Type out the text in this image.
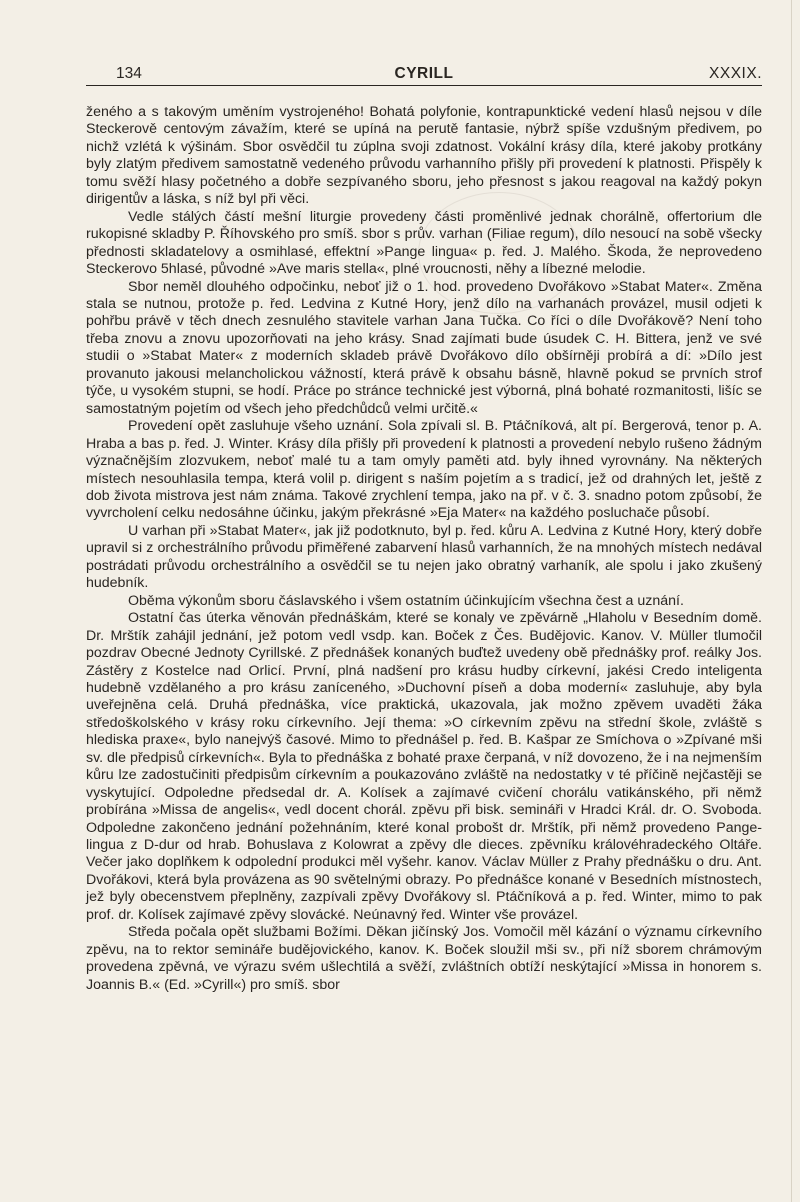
134	CYRILL	XXXIX.

ženého a s takovým uměním vystrojeného! Bohatá polyfonie, kontrapunktické vedení hlasů nejsou v díle Steckerově centovým závažím, které se upíná na perutě fantasie, nýbrž spíše vzdušným předivem, po nichž vzlétá k výšinám. Sbor osvědčil tu zúplna svoji zdatnost. Vokální krásy díla, které jakoby protkány byly zlatým předivem samostatně vedeného průvodu varhanního přišly při provedení k platnosti. Přispěly k tomu svěží hlasy početného a dobře sezpívaného sboru, jeho přesnost s jakou reagoval na každý pokyn dirigentův a láska, s níž byl při věci.

Vedle stálých částí mešní liturgie provedeny části proměnlivé jednak chorálně, offertorium dle rukopisné skladby P. Říhovského pro smíš. sbor s prův. varhan (Filiae regum), dílo nesoucí na sobě všecky přednosti skladatelovy a osmihlasé, effektní »Pange lingua« p. řed. J. Malého. Škoda, že neprovedeno Steckerovo 5hlasé, původné »Ave maris stella«, plné vroucnosti, něhy a líbezné melodie.

Sbor neměl dlouhého odpočinku, neboť již o 1. hod. provedeno Dvořákovo »Stabat Mater«. Změna stala se nutnou, protože p. řed. Ledvina z Kutné Hory, jenž dílo na varhanách provázel, musil odjeti k pohřbu právě v těch dnech zesnulého stavitele varhan Jana Tučka. Co říci o díle Dvořákově? Není toho třeba znovu a znovu upozorňovati na jeho krásy. Snad zajímati bude úsudek C. H. Bittera, jenž ve své studii o »Stabat Mater« z moderních skladeb právě Dvořákovo dílo obšírněji probírá a dí: »Dílo jest provanuto jakousi melancholickou vážností, která právě k obsahu básně, hlavně pokud se prvních strof týče, u vysokém stupni, se hodí. Práce po stránce technické jest výborná, plná bohaté rozmanitosti, lišíc se samostatným pojetím od všech jeho předchůdců velmi určitě.«

Provedení opět zasluhuje všeho uznání. Sola zpívali sl. B. Ptáčníková, alt pí. Bergerová, tenor p. A. Hraba a bas p. řed. J. Winter. Krásy díla přišly při provedení k platnosti a provedení nebylo rušeno žádným význačnějším zlozvukem, neboť malé tu a tam omyly paměti atd. byly ihned vyrovnány. Na některých místech nesouhlasila tempa, která volil p. dirigent s naším pojetím a s tradicí, jež od drahných let, ještě z dob života mistrova jest nám známa. Takové zrychlení tempa, jako na př. v č. 3. snadno potom způsobí, že vyvrcholení celku nedosáhne účinku, jakým překrásné »Eja Mater« na každého posluchače působí.

U varhan při »Stabat Mater«, jak již podotknuto, byl p. řed. kůru A. Ledvina z Kutné Hory, který dobře upravil si z orchestrálního průvodu přiměřené zabarvení hlasů varhanních, že na mnohých místech nedával postrádati průvodu orchestrálního a osvědčil se tu nejen jako obratný varhaník, ale spolu i jako zkušený hudebník.

Oběma výkonům sboru čáslavského i všem ostatním účinkujícím všechna čest a uznání.

Ostatní čas úterka věnován přednáškám, které se konaly ve zpěvárně „Hlaholu v Besedním domě. Dr. Mrštík zahájil jednání, jež potom vedl vsdp. kan. Boček z Čes. Budějovic. Kanov. V. Müller tlumočil pozdrav Obecné Jednoty Cyrillské. Z přednášek konaných buďtež uvedeny obě přednášky prof. reálky Jos. Zástěry z Kostelce nad Orlicí. První, plná nadšení pro krásu hudby církevní, jakési Credo inteligenta hudebně vzdělaného a pro krásu zaníceného, »Duchovní píseň a doba moderní« zasluhuje, aby byla uveřejněna celá. Druhá přednáška, více praktická, ukazovala, jak možno zpěvem uvaděti žáka středoškolského v krásy roku církevního. Její thema: »O církevním zpěvu na střední škole, zvláště s hlediska praxe«, bylo nanejvýš časové. Mimo to přednášel p. řed. B. Kašpar ze Smíchova o »Zpívané mši sv. dle předpisů církevních«. Byla to přednáška z bohaté praxe čerpaná, v níž dovozeno, že i na nejmenším kůru lze zadostučiniti předpisům církevním a poukazováno zvláště na nedostatky v té příčině nejčastěji se vyskytující. Odpoledne předsedal dr. A. Kolísek a zajímavé cvičení chorálu vatikánského, při němž probírána »Missa de angelis«, vedl docent chorál. zpěvu při bisk. semináři v Hradci Král. dr. O. Svoboda. Odpoledne zakončeno jednání požehnáním, které konal probošt dr. Mrštík, při němž provedeno Pange-lingua z D-dur od hrab. Bohuslava z Kolowrat a zpěvy dle dieces. zpěvníku královéhradeckého Oltáře. Večer jako doplňkem k odpolední produkci měl vyšehr. kanov. Václav Müller z Prahy přednášku o dru. Ant. Dvořákovi, která byla provázena as 90 světelnými obrazy. Po přednášce konané v Besedních místnostech, jež byly obecenstvem přeplněny, zazpívali zpěvy Dvořákovy sl. Ptáčníková a p. řed. Winter, mimo to pak prof. dr. Kolísek zajímavé zpěvy slovácké. Neúnavný řed. Winter vše provázel.

Středa počala opět službami Božími. Děkan jičínský Jos. Vomočil měl kázání o významu církevního zpěvu, na to rektor semináře budějovického, kanov. K. Boček sloužil mši sv., při níž sborem chrámovým provedena zpěvná, ve výrazu svém ušlechtilá a svěží, zvláštních obtíží neskýtající »Missa in honorem s. Joannis B.« (Ed. »Cyrill«) pro smíš. sbor
